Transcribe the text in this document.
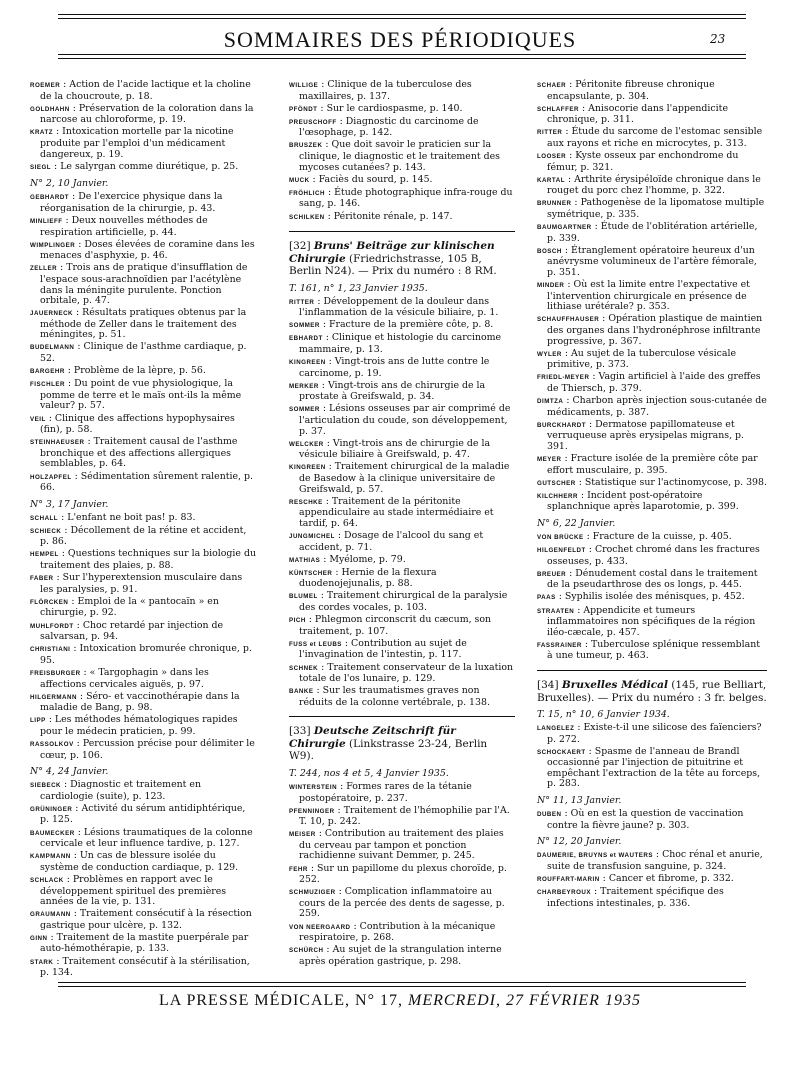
SOMMAIRES DES PÉRIODIQUES	23
ROEMER : Action de l'acide lactique et la choline de la choucroute, p. 18.
GOLDHAHN : Préservation de la coloration dans la narcose au chloroforme, p. 19.
KRATZ : Intoxication mortelle par la nicotine produite par l'emploi d'un médicament dangereux, p. 19.
SIEGL : Le salyrgan comme diurétique, p. 25.
N° 2, 10 Janvier.
GEBHARDT : De l'exercice physique dans la réorganisation de la chirurgie, p. 43.
MINLIEFF : Deux nouvelles méthodes de respiration artificielle, p. 44.
WIMPLINGER : Doses élevées de coramine dans les menaces d'asphyxie, p. 46.
ZELLER : Trois ans de pratique d'insufflation de l'espace sous-arachnoïdien par l'acétylène dans la méningite purulente. Ponction orbitale, p. 47.
JAUERNECK : Résultats pratiques obtenus par la méthode de Zeller dans le traitement des méningites, p. 51.
BUDELMANN : Clinique de l'asthme cardiaque, p. 52.
BARGEHR : Problème de la lèpre, p. 56.
FISCHLER : Du point de vue physiologique, la pomme de terre et le maïs ont-ils la même valeur? p. 57.
VEIL : Clinique des affections hypophysaires (fin), p. 58.
STEINHAEUSER : Traitement causal de l'asthme bronchique et des affections allergiques semblables, p. 64.
HOLZAPFEL : Sédimentation sûrement ralentie, p. 66.
N° 3, 17 Janvier.
SCHALL : L'enfant ne boit pas! p. 83.
SCHIECK : Décollement de la rétine et accident, p. 86.
HEMPEL : Questions techniques sur la biologie du traitement des plaies, p. 88.
FABER : Sur l'hyperextension musculaire dans les paralysies, p. 91.
FLÖRCKEN : Emploi de la « pantocaïn » en chirurgie, p. 92.
MUHLFORDT : Choc retardé par injection de salvarsan, p. 94.
CHRISTIANI : Intoxication bromurée chronique, p. 95.
FREISBURGER : « Targophagin » dans les affections cervicales aiguës, p. 97.
HILGERMANN : Séro- et vaccinothérapie dans la maladie de Bang, p. 98.
LIPP : Les méthodes hématologiques rapides pour le médecin praticien, p. 99.
RASSOLKOV : Percussion précise pour délimiter le cœur, p. 106.
N° 4, 24 Janvier.
SIEBECK : Diagnostic et traitement en cardiologie (suite), p. 123.
GRÜNINGER : Activité du sérum antidiphtérique, p. 125.
BAUMECKER : Lésions traumatiques de la colonne cervicale et leur influence tardive, p. 127.
KAMPMANN : Un cas de blessure isolée du système de conduction cardiaque, p. 129.
SCHLACK : Problèmes en rapport avec le développement spirituel des premières années de la vie, p. 131.
GRAUMANN : Traitement consécutif à la résection gastrique pour ulcère, p. 132.
GINN : Traitement de la mastite puerpérale par auto-hémothérapie, p. 133.
STARK : Traitement consécutif à la stérilisation, p. 134.
WILLIGE : Clinique de la tuberculose des maxillaires, p. 137.
PFÖNDT : Sur le cardiospasme, p. 140.
PREUSCHOFF : Diagnostic du carcinome de l'œsophage, p. 142.
BRUSZEK : Que doit savoir le praticien sur la clinique, le diagnostic et le traitement des mycoses cutanées? p. 143.
MUCK : Faciès du sourd, p. 145.
FRÖHLICH : Étude photographique infra-rouge du sang, p. 146.
SCHILKEN : Péritonite rénale, p. 147.
[32] Bruns' Beiträge zur klinischen Chirurgie (Friedrichstrasse, 105 B, Berlin N24). — Prix du numéro : 8 RM.
T. 161, n° 1, 23 Janvier 1935.
RITTER : Développement de la douleur dans l'inflammation de la vésicule biliaire, p. 1.
SOMMER : Fracture de la première côte, p. 8.
EBHARDT : Clinique et histologie du carcinome mammaire, p. 13.
KINGREEN : Vingt-trois ans de lutte contre le carcinome, p. 19.
MERKER : Vingt-trois ans de chirurgie de la prostate à Greifswald, p. 34.
SOMMER : Lésions osseuses par air comprimé de l'articulation du coude, son développement, p. 37.
WELCKER : Vingt-trois ans de chirurgie de la vésicule biliaire à Greifswald, p. 47.
KINGREEN : Traitement chirurgical de la maladie de Basedow à la clinique universitaire de Greifswald, p. 57.
RESCHKE : Traitement de la péritonite appendiculaire au stade intermédiaire et tardif, p. 64.
JUNGMICHEL : Dosage de l'alcool du sang et accident, p. 71.
MATHIAS : Myélome, p. 79.
KÜNTSCHER : Hernie de la flexura duodenojejunalis, p. 88.
BLUMEL : Traitement chirurgical de la paralysie des cordes vocales, p. 103.
PICH : Phlegmon circonscrit du cæcum, son traitement, p. 107.
FUSS et LEUBS : Contribution au sujet de l'invagination de l'intestin, p. 117.
SCHNEK : Traitement conservateur de la luxation totale de l'os lunaire, p. 129.
BANKE : Sur les traumatismes graves non réduits de la colonne vertébrale, p. 138.
[33] Deutsche Zeitschrift für Chirurgie (Linkstrasse 23-24, Berlin W9).
T. 244, nos 4 et 5, 4 Janvier 1935.
WINTERSTEIN : Formes rares de la tétanie postopératoire, p. 237.
PFENNINGER : Traitement de l'hémophilie par l'A. T. 10, p. 242.
MEISER : Contribution au traitement des plaies du cerveau par tampon et ponction rachidienne suivant Demmer, p. 245.
FEHR : Sur un papillome du plexus choroïde, p. 252.
SCHMUZIGER : Complication inflammatoire au cours de la percée des dents de sagesse, p. 259.
VON NEERGAARD : Contribution à la mécanique respiratoire, p. 268.
SCHÜRCH : Au sujet de la strangulation interne après opération gastrique, p. 298.
SCHAER : Péritonite fibreuse chronique encapsulante, p. 304.
SCHLAFFER : Anisocorie dans l'appendicite chronique, p. 311.
RITTER : Étude du sarcome de l'estomac sensible aux rayons et riche en microcytes, p. 313.
LOOSER : Kyste osseux par enchondrome du fémur, p. 321.
KARTAL : Arthrite érysipéloïde chronique dans le rouget du porc chez l'homme, p. 322.
BRUNNER : Pathogenèse de la lipomatose multiple symétrique, p. 335.
BAUMGARTNER : Étude de l'oblitération artérielle, p. 339.
BOSCH : Étranglement opératoire heureux d'un anévrysme volumineux de l'artère fémorale, p. 351.
MINDER : Où est la limite entre l'expectative et l'intervention chirurgicale en présence de lithiase urétérale? p. 353.
SCHAUFFHAUSER : Opération plastique de maintien des organes dans l'hydronéphrose infiltrante progressive, p. 367.
WYLER : Au sujet de la tuberculose vésicale primitive, p. 373.
FRIEDL-MEYER : Vagin artificiel à l'aide des greffes de Thiersch, p. 379.
DIMTZA : Charbon après injection sous-cutanée de médicaments, p. 387.
BURCKHARDT : Dermatose papillomateuse et verruqueuse après erysipelas migrans, p. 391.
MEYER : Fracture isolée de la première côte par effort musculaire, p. 395.
GUTSCHER : Statistique sur l'actinomycose, p. 398.
KILCHHERR : Incident post-opératoire splanchnique après laparotomie, p. 399.
N° 6, 22 Janvier.
VON BRÜCKE : Fracture de la cuisse, p. 405.
HILGENFELDT : Crochet chromé dans les fractures osseuses, p. 433.
BREUER : Dénudement costal dans le traitement de la pseudarthrose des os longs, p. 445.
PAAS : Syphilis isolée des ménisques, p. 452.
STRAATEN : Appendicite et tumeurs inflammatoires non spécifiques de la région iléo-cæcale, p. 457.
FASSRAINER : Tuberculose splénique ressemblant à une tumeur, p. 463.
[34] Bruxelles Médical (145, rue Belliart, Bruxelles). — Prix du numéro : 3 fr. belges.
T. 15, n° 10, 6 Janvier 1934.
LANGELEZ : Existe-t-il une silicose des faïenciers? p. 272.
SCHOCKAERT : Spasme de l'anneau de Brandl occasionné par l'injection de pituitrine et empêchant l'extraction de la tête au forceps, p. 283.
N° 11, 13 Janvier.
DUBEN : Où en est la question de vaccination contre la fièvre jaune? p. 303.
N° 12, 20 Janvier.
DAUMERIE, BRUYNS et WAUTERS : Choc rénal et anurie, suite de transfusion sanguine, p. 324.
ROUFFART-MARIN : Cancer et fibrome, p. 332.
CHARBEYROUX : Traitement spécifique des infections intestinales, p. 336.
LA PRESSE MÉDICALE, N° 17, MERCREDI, 27 FÉVRIER 1935
